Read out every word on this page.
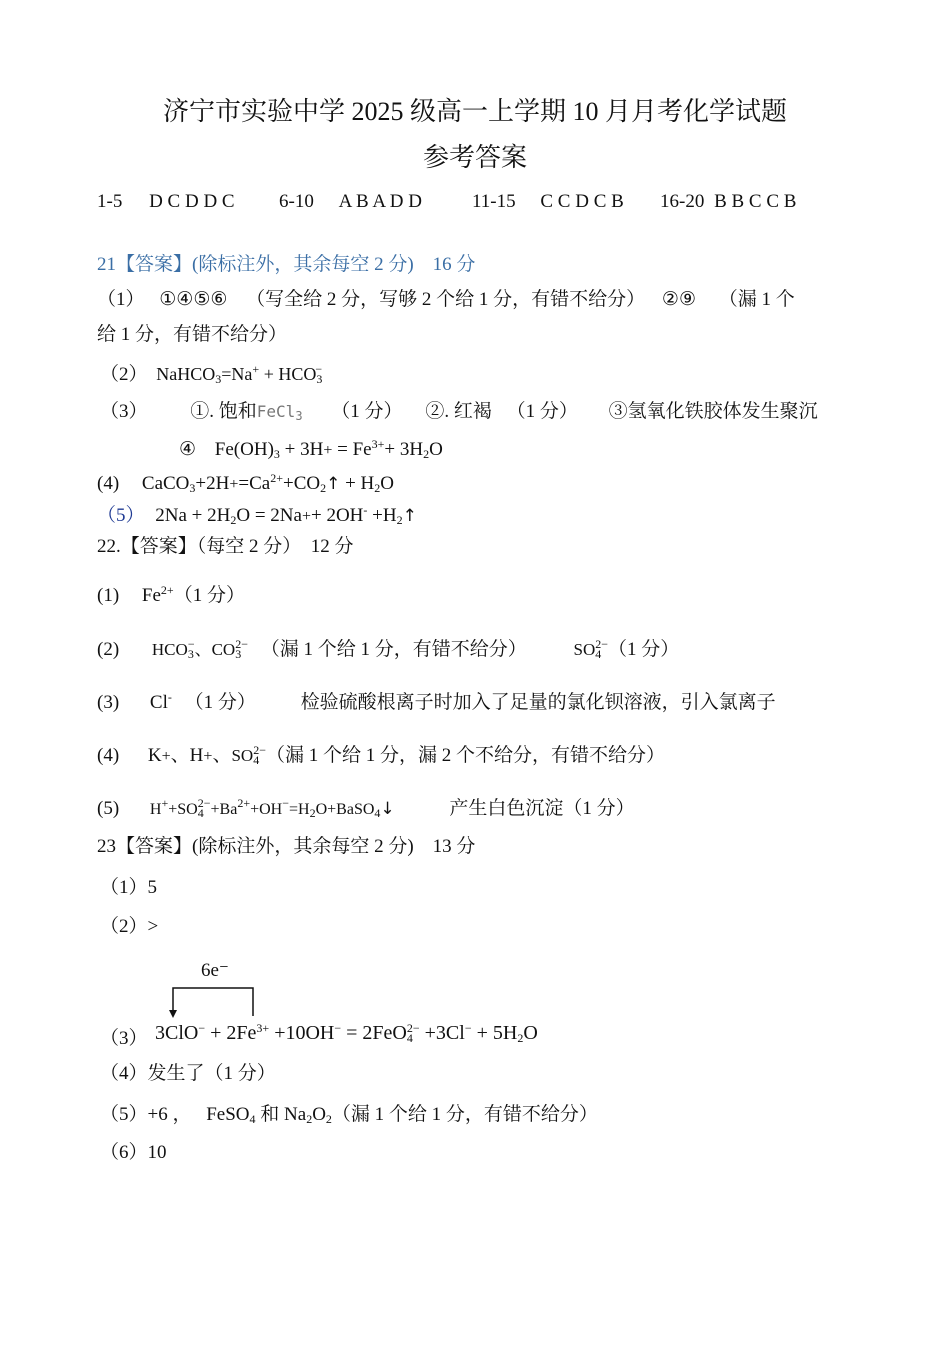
济宁市实验中学 2025 级高一上学期 10 月月考化学试题
参考答案
1-5 D C D D C 6-10 A B A D D	11-15 C C D C B 16-20 B B C C B
21【答案】(除标注外，其余每空 2 分)　16 分
（1） ①④⑤⑥ （写全给 2 分，写够 2 个给 1 分，有错不给分） ②⑨ （漏 1 个
给 1 分，有错不给分）
（2） NaHCO$_3$=Na+ + $HCO_3^-$
（3） ①. 饱和FeCl$_3$ （1 分） ②. 红褐 （1 分） ③氢氧化铁胶体发生聚沉
④ $Fe(OH)_3 + 3H+ = Fe^{3+}+ 3H_2O$
(4) $CaCO_3+2H+=Ca^{2+}+CO_2↑ + H_2O$
（5） $2Na + 2H_2O = 2Na++ 2OH^-$ $+H_2↑$
22.【答案】（每空 2 分）　12 分
(1) $Fe^{2+}(1$ 分）
(2) $HCO_3^-$、$CO_3^{2-}$ （漏 1 个给 1 分，有错不给分）	$SO_4^{2-}(1$ 分）
(3) Cl- （1 分） 检验硫酸根离子时加入了足量的氯化钡溶液，引入氯离子
(4) K+、H+、$SO_4^{2-}$（漏 1 个给 1 分，漏 2 个不给分，有错不给分）
(5) $H^++SO_4^{2-}+Ba^{2+}+OH^-=H_2O+BaSO_4↓$	产生白色沉淀（1 分）
23【答案】(除标注外，其余每空 2 分)　13 分
（1）5
（2）>
6e⁻
（3） $3ClO^- + 2Fe^{3+} +10OH^- = 2FeO_4^{2-} +3Cl^- + 5H_2O$
（4）发生了（1 分）
（5）+6 ， FeSO$_4$ 和 $Na_2O_2$（漏 1 个给 1 分，有错不给分）
（6）10
